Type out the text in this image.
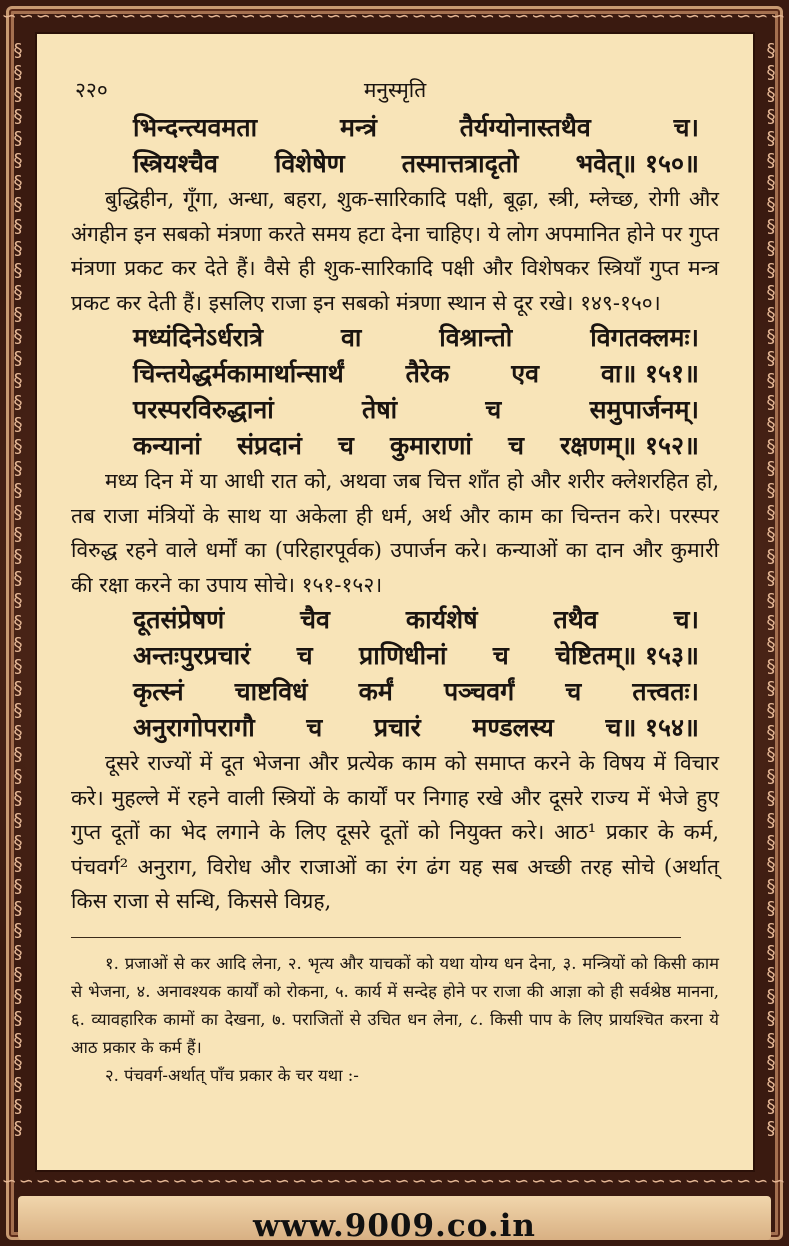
∽∽∽∽∽∽∽∽∽∽∽∽∽∽∽∽∽∽∽∽∽∽∽∽∽∽∽∽∽∽∽∽∽∽∽∽∽∽∽∽∽∽∽∽∽∽
∽∽∽∽∽∽∽∽∽∽∽∽∽∽∽∽∽∽∽∽∽∽∽∽∽∽∽∽∽∽∽∽∽∽∽∽∽∽∽∽∽∽∽∽∽∽
§
§
§
§
§
§
§
§
§
§
§
§
§
§
§
§
§
§
§
§
§
§
§
§
§
§
§
§
§
§
§
§
§
§
§
§
§
§
§
§
§
§
§
§
§
§
§
§
§
§
§
§
§
§
§
§
§
§
§
§
§
§
§
§
§
§
§
§
§
§
§
§
§
§
§
§
§
§
§
§
§
§
§
§
§
§
§
§
§
§
§
§
§
§
§
§
§
§
§
§
२२०	मनुस्मृति
भिन्दन्त्यवमता	मन्त्रं	तैर्यग्योनास्तथैव	च।
स्त्रियश्चैव विशेषेण तस्मात्तत्रादृतो भवेत्॥ १५०॥

बुद्धिहीन, गूँगा, अन्धा, बहरा, शुक-सारिकादि पक्षी, बूढ़ा, स्त्री, म्लेच्छ, रोगी और अंगहीन इन सबको मंत्रणा करते समय हटा देना चाहिए। ये लोग अपमानित होने पर गुप्त मंत्रणा प्रकट कर देते हैं। वैसे ही शुक-सारिकादि पक्षी और विशेषकर स्त्रियाँ गुप्त मन्त्र प्रकट कर देती हैं। इसलिए राजा इन सबको मंत्रणा स्थान से दूर रखे। १४९-१५०।

मध्यंदिनेऽर्धरात्रे	वा	विश्रान्तो	विगतक्लमः।
चिन्तयेद्धर्मकामार्थान्सार्थं तैरेक एव वा॥ १५१॥
परस्परविरुद्धानां	तेषां	च	समुपार्जनम्।
कन्यानां संप्रदानं च कुमाराणां च रक्षणम्॥ १५२॥

मध्य दिन में या आधी रात को, अथवा जब चित्त शाँत हो और शरीर क्लेशरहित हो, तब राजा मंत्रियों के साथ या अकेला ही धर्म, अर्थ और काम का चिन्तन करे। परस्पर विरुद्ध रहने वाले धर्मों का (परिहारपूर्वक) उपार्जन करे। कन्याओं का दान और कुमारी की रक्षा करने का उपाय सोचे। १५१-१५२।

दूतसंप्रेषणं	चैव	कार्यशेषं	तथैव	च।
अन्तःपुरप्रचारं च प्राणिधीनां च चेष्टितम्॥ १५३॥
कृत्स्नं चाष्टविधं कर्मं पञ्चवर्गं च तत्त्वतः।
अनुरागोपरागौ च प्रचारं मण्डलस्य च॥ १५४॥

दूसरे राज्यों में दूत भेजना और प्रत्येक काम को समाप्त करने के विषय में विचार करे। मुहल्ले में रहने वाली स्त्रियों के कार्यों पर निगाह रखे और दूसरे राज्य में भेजे हुए गुप्त दूतों का भेद लगाने के लिए दूसरे दूतों को नियुक्त करे। आठ¹ प्रकार के कर्म, पंचवर्ग² अनुराग, विरोध और राजाओं का रंग ढंग यह सब अच्छी तरह सोचे (अर्थात् किस राजा से सन्धि, किससे विग्रह,

१. प्रजाओं से कर आदि लेना, २. भृत्य और याचकों को यथा योग्य धन देना, ३. मन्त्रियों को किसी काम से भेजना, ४. अनावश्यक कार्यों को रोकना, ५. कार्य में सन्देह होने पर राजा की आज्ञा को ही सर्वश्रेष्ठ मानना, ६. व्यावहारिक कामों का देखना, ७. पराजितों से उचित धन लेना, ८. किसी पाप के लिए प्रायश्चित करना ये आठ प्रकार के कर्म हैं।

२. पंचवर्ग-अर्थात् पाँच प्रकार के चर यथा :-

www.9009.co.in
